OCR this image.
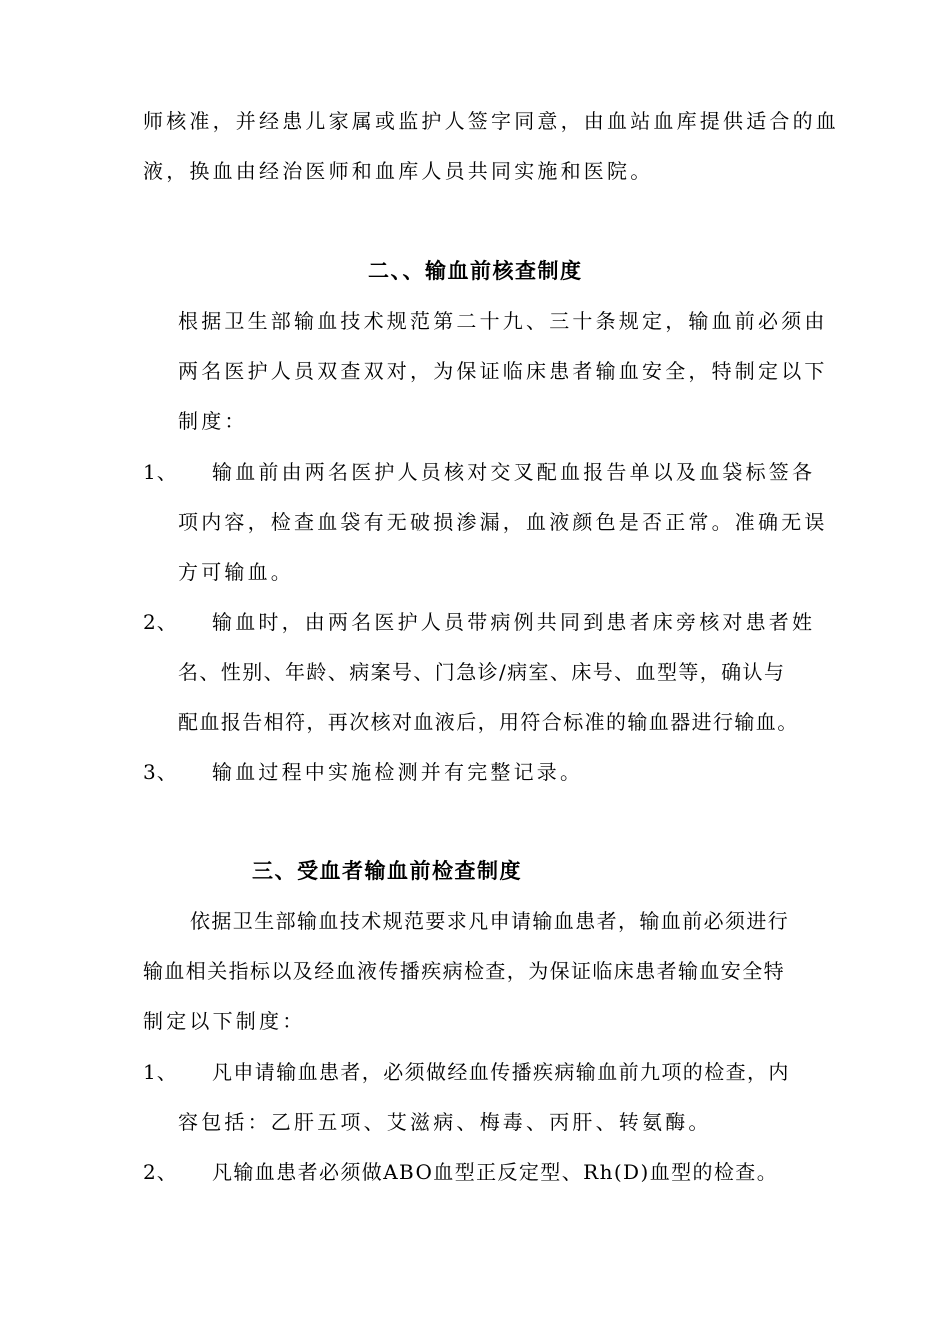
师核准，并经患儿家属或监护人签字同意，由血站血库提供适合的血
液，换血由经治医师和血库人员共同实施和医院。
二、、输血前核查制度
根据卫生部输血技术规范第二十九、三十条规定，输血前必须由
两名医护人员双查双对，为保证临床患者输血安全，特制定以下
制度：
1、 输血前由两名医护人员核对交叉配血报告单以及血袋标签各
项内容，检查血袋有无破损渗漏，血液颜色是否正常。准确无误
方可输血。
2、 输血时，由两名医护人员带病例共同到患者床旁核对患者姓
名、性别、年龄、病案号、门急诊/病室、床号、血型等，确认与
配血报告相符，再次核对血液后，用符合标准的输血器进行输血。
3、 输血过程中实施检测并有完整记录。
三、受血者输血前检查制度
依据卫生部输血技术规范要求凡申请输血患者，输血前必须进行
输血相关指标以及经血液传播疾病检查，为保证临床患者输血安全特
制定以下制度：
1、 凡申请输血患者，必须做经血传播疾病输血前九项的检查，内
容包括：乙肝五项、艾滋病、梅毒、丙肝、转氨酶。
2、 凡输血患者必须做ABO血型正反定型、Rh(D)血型的检查。
